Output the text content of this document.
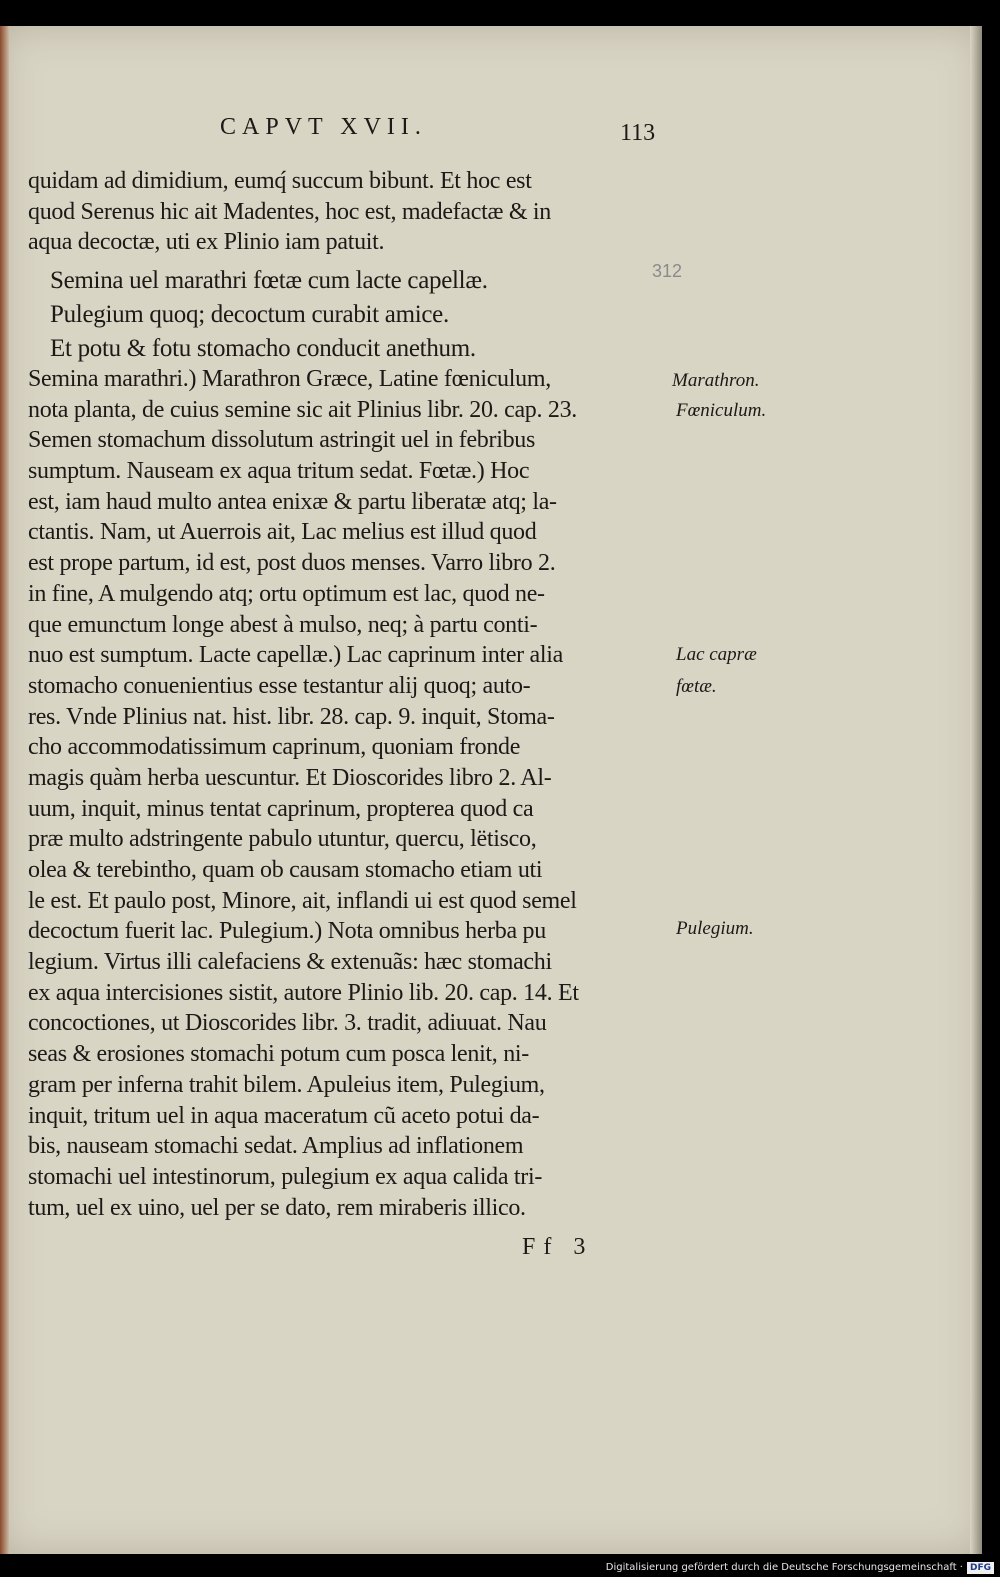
CAPVT XVII.	113
312
quidam ad dimidium, eumq́ succum bibunt. Et hoc est
quod Serenus hic ait Madentes, hoc est, madefactæ & in
aqua decoctæ, uti ex Plinio iam patuit.
Semina uel marathri fœtæ cum lacte capellæ.
Pulegium quoq; decoctum curabit amice.
Et potu & fotu stomacho conducit anethum.
Semina marathri.) Marathron Græce, Latine fœniculum,
nota planta, de cuius semine sic ait Plinius libr. 20. cap. 23.
Semen stomachum dissolutum astringit uel in febribus
sumptum. Nauseam ex aqua tritum sedat. Fœtæ.) Hoc
est, iam haud multo antea enixæ & partu liberatæ atq; la-
ctantis. Nam, ut Auerrois ait, Lac melius est illud quod
est prope partum, id est, post duos menses. Varro libro 2.
in fine, A mulgendo atq; ortu optimum est lac, quod ne-
que emunctum longe abest à mulso, neq; à partu conti-
nuo est sumptum. Lacte capellæ.) Lac caprinum inter alia
stomacho conuenientius esse testantur alij quoq; auto-
res. Vnde Plinius nat. hist. libr. 28. cap. 9. inquit, Stoma-
cho accommodatissimum caprinum, quoniam fronde
magis quàm herba uescuntur. Et Dioscorides libro 2. Al-
uum, inquit, minus tentat caprinum, propterea quod ca
præ multo adstringente pabulo utuntur, quercu, lëtisco,
olea & terebintho, quam ob causam stomacho etiam uti
le est. Et paulo post, Minore, ait, inflandi ui est quod semel
decoctum fuerit lac. Pulegium.) Nota omnibus herba pu
legium. Virtus illi calefaciens & extenuãs: hæc stomachi
ex aqua intercisiones sistit, autore Plinio lib. 20. cap. 14. Et
concoctiones, ut Dioscorides libr. 3. tradit, adiuuat. Nau
seas & erosiones stomachi potum cum posca lenit, ni-
gram per inferna trahit bilem. Apuleius item, Pulegium,
inquit, tritum uel in aqua maceratum cũ aceto potui da-
bis, nauseam stomachi sedat. Amplius ad inflationem
stomachi uel intestinorum, pulegium ex aqua calida tri-
tum, uel ex uino, uel per se dato, rem miraberis illico.
Marathron.
Fœniculum.
Lac capræ
fœtæ.
Pulegium.
Ff 3
Digitalisierung gefördert durch die Deutsche Forschungsgemeinschaft · DFG
